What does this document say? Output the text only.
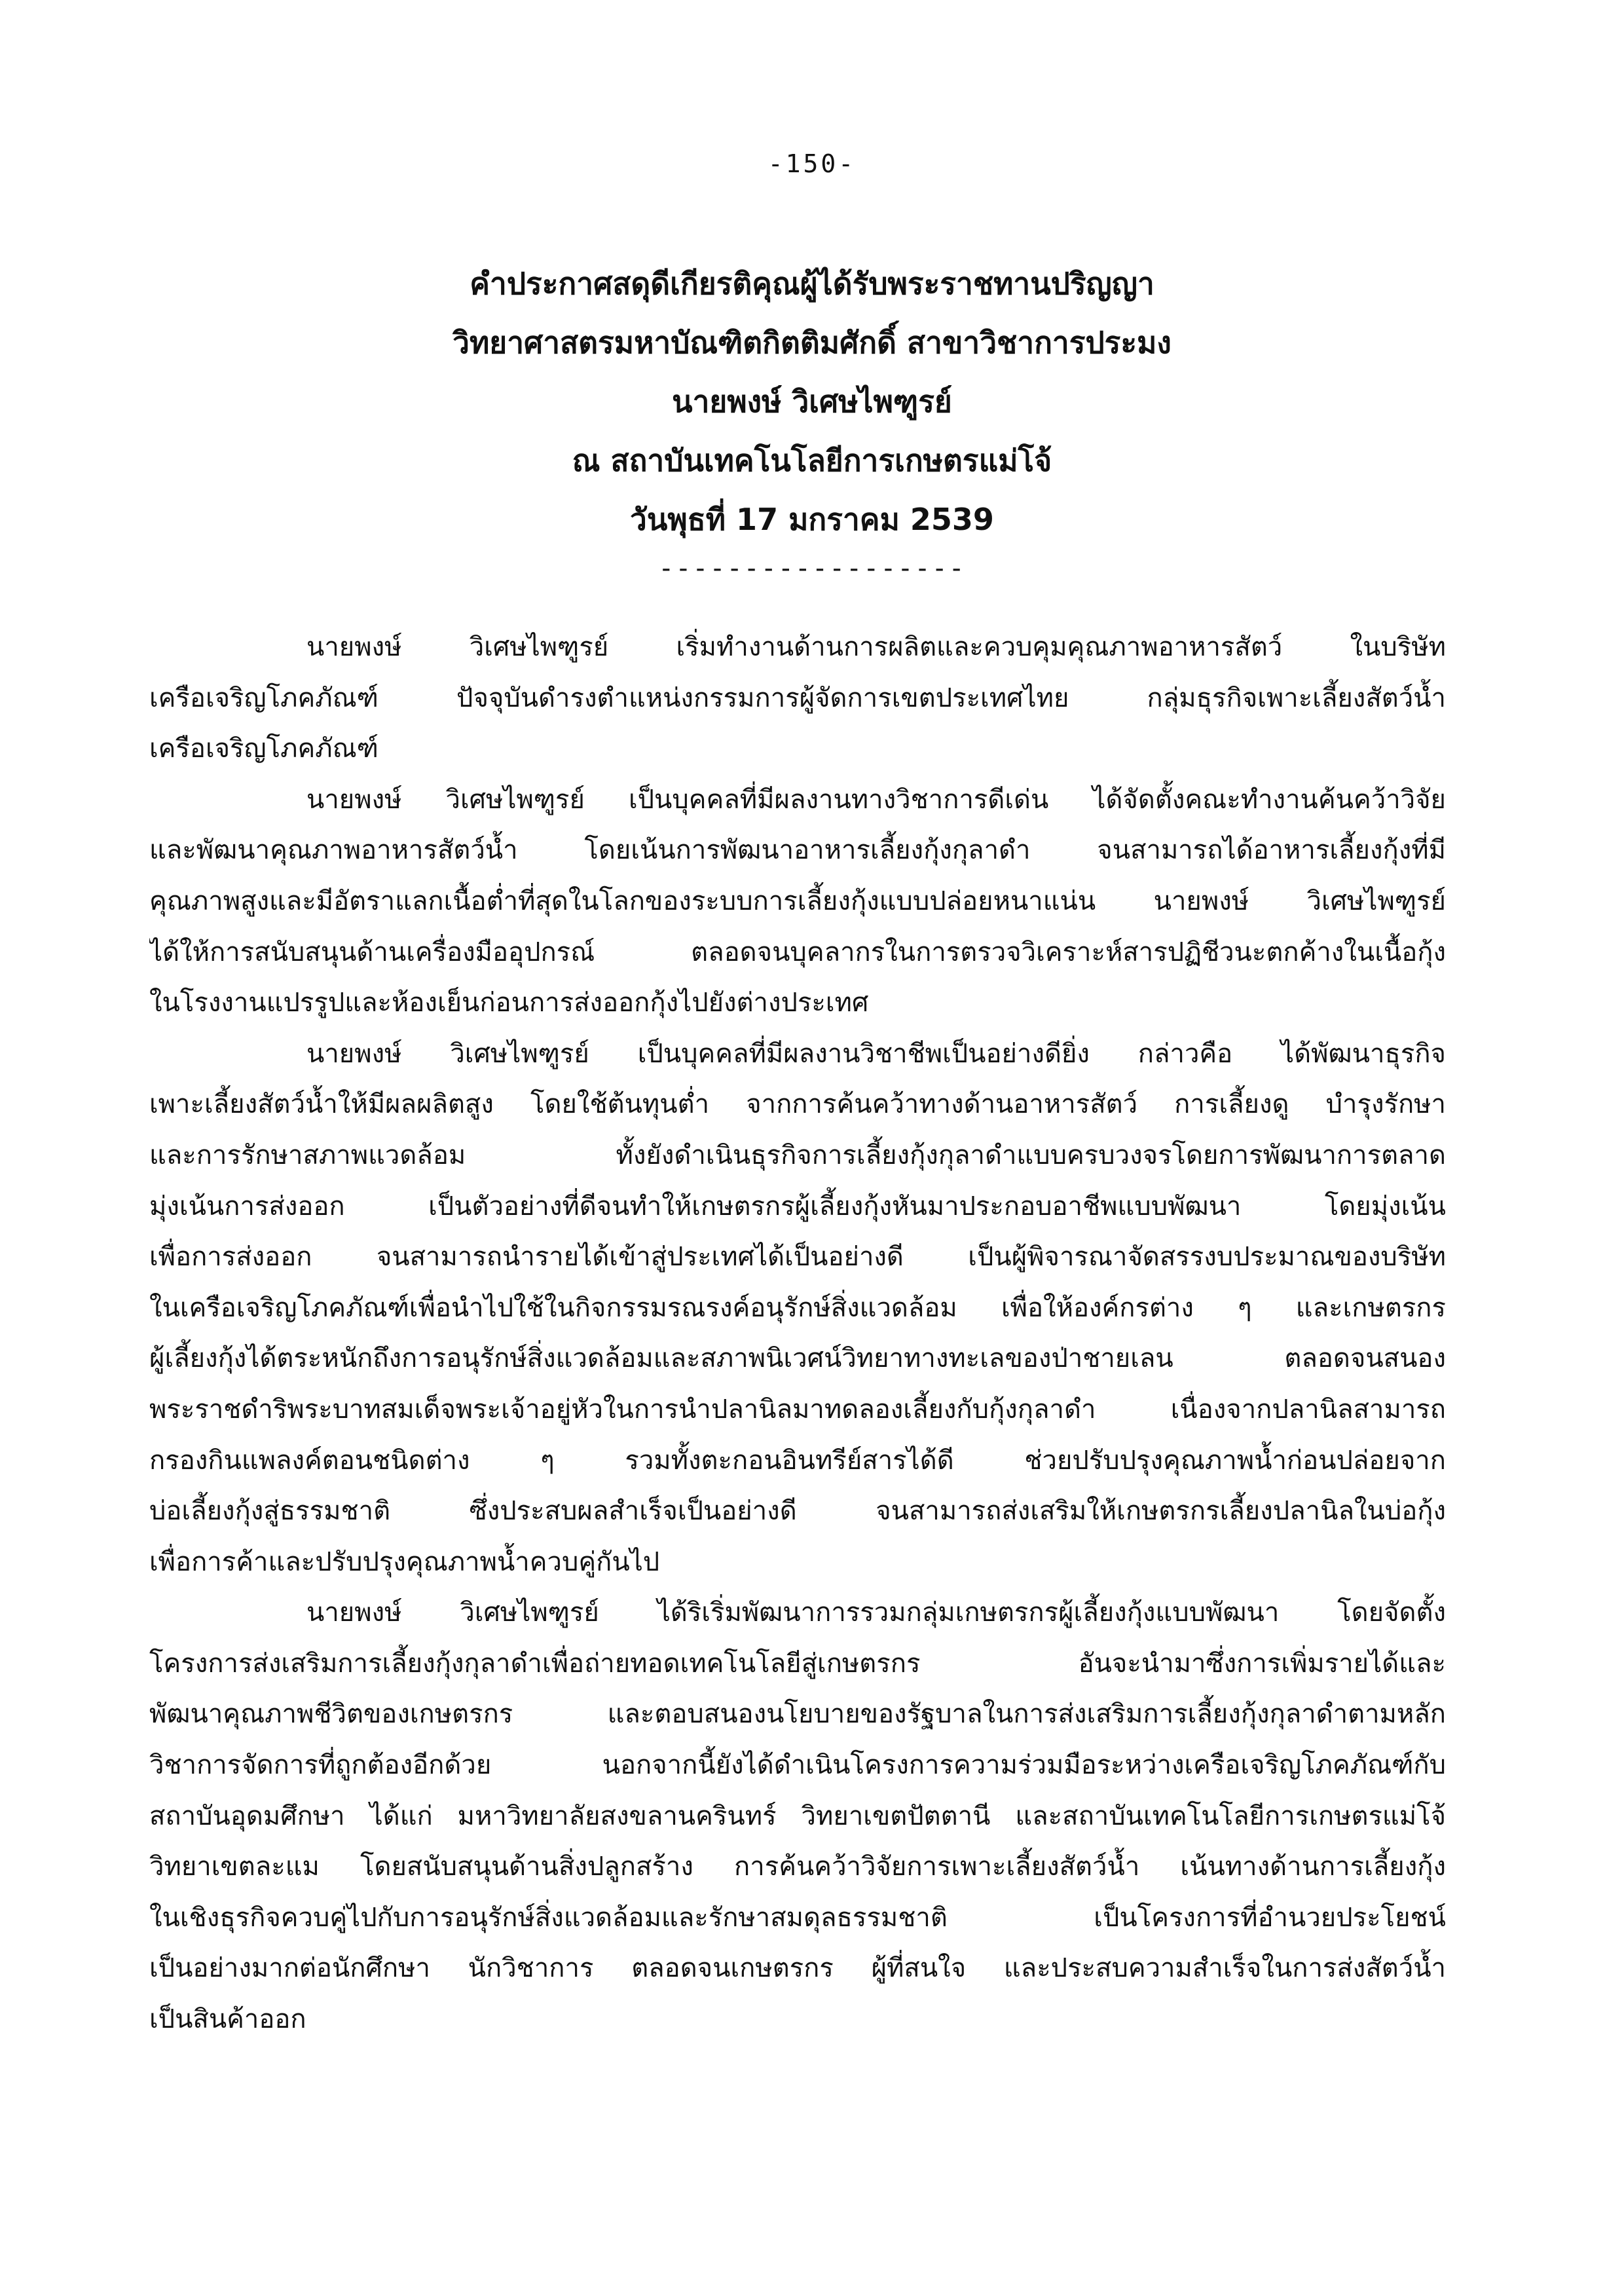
-150-
คำประกาศสดุดีเกียรติคุณผู้ได้รับพระราชทานปริญญา
วิทยาศาสตรมหาบัณฑิตกิตติมศักดิ์ สาขาวิชาการประมง
นายพงษ์ วิเศษไพฑูรย์
ณ สถาบันเทคโนโลยีการเกษตรแม่โจ้
วันพุธที่ 17 มกราคม 2539
------------------
นายพงษ์ วิเศษไพฑูรย์ เริ่มทำงานด้านการผลิตและควบคุมคุณภาพอาหารสัตว์ ในบริษัท
เครือเจริญโภคภัณฑ์ ปัจจุบันดำรงตำแหน่งกรรมการผู้จัดการเขตประเทศไทย กลุ่มธุรกิจเพาะเลี้ยงสัตว์น้ำ
เครือเจริญโภคภัณฑ์
นายพงษ์ วิเศษไพฑูรย์ เป็นบุคคลที่มีผลงานทางวิชาการดีเด่น ได้จัดตั้งคณะทำงานค้นคว้าวิจัย
และพัฒนาคุณภาพอาหารสัตว์น้ำ โดยเน้นการพัฒนาอาหารเลี้ยงกุ้งกุลาดำ จนสามารถได้อาหารเลี้ยงกุ้งที่มี
คุณภาพสูงและมีอัตราแลกเนื้อต่ำที่สุดในโลกของระบบการเลี้ยงกุ้งแบบปล่อยหนาแน่น นายพงษ์ วิเศษไพฑูรย์
ได้ให้การสนับสนุนด้านเครื่องมืออุปกรณ์ ตลอดจนบุคลากรในการตรวจวิเคราะห์สารปฏิชีวนะตกค้างในเนื้อกุ้ง
ในโรงงานแปรรูปและห้องเย็นก่อนการส่งออกกุ้งไปยังต่างประเทศ
นายพงษ์ วิเศษไพฑูรย์ เป็นบุคคลที่มีผลงานวิชาชีพเป็นอย่างดียิ่ง กล่าวคือ ได้พัฒนาธุรกิจ
เพาะเลี้ยงสัตว์น้ำให้มีผลผลิตสูง โดยใช้ต้นทุนต่ำ จากการค้นคว้าทางด้านอาหารสัตว์ การเลี้ยงดู บำรุงรักษา
และการรักษาสภาพแวดล้อม ทั้งยังดำเนินธุรกิจการเลี้ยงกุ้งกุลาดำแบบครบวงจรโดยการพัฒนาการตลาด
มุ่งเน้นการส่งออก เป็นตัวอย่างที่ดีจนทำให้เกษตรกรผู้เลี้ยงกุ้งหันมาประกอบอาชีพแบบพัฒนา โดยมุ่งเน้น
เพื่อการส่งออก จนสามารถนำรายได้เข้าสู่ประเทศได้เป็นอย่างดี เป็นผู้พิจารณาจัดสรรงบประมาณของบริษัท
ในเครือเจริญโภคภัณฑ์เพื่อนำไปใช้ในกิจกรรมรณรงค์อนุรักษ์สิ่งแวดล้อม เพื่อให้องค์กรต่าง ๆ และเกษตรกร
ผู้เลี้ยงกุ้งได้ตระหนักถึงการอนุรักษ์สิ่งแวดล้อมและสภาพนิเวศน์วิทยาทางทะเลของป่าชายเลน ตลอดจนสนอง
พระราชดำริพระบาทสมเด็จพระเจ้าอยู่หัวในการนำปลานิลมาทดลองเลี้ยงกับกุ้งกุลาดำ เนื่องจากปลานิลสามารถ
กรองกินแพลงค์ตอนชนิดต่าง ๆ รวมทั้งตะกอนอินทรีย์สารได้ดี ช่วยปรับปรุงคุณภาพน้ำก่อนปล่อยจาก
บ่อเลี้ยงกุ้งสู่ธรรมชาติ ซึ่งประสบผลสำเร็จเป็นอย่างดี จนสามารถส่งเสริมให้เกษตรกรเลี้ยงปลานิลในบ่อกุ้ง
เพื่อการค้าและปรับปรุงคุณภาพน้ำควบคู่กันไป
นายพงษ์ วิเศษไพฑูรย์ ได้ริเริ่มพัฒนาการรวมกลุ่มเกษตรกรผู้เลี้ยงกุ้งแบบพัฒนา โดยจัดตั้ง
โครงการส่งเสริมการเลี้ยงกุ้งกุลาดำเพื่อถ่ายทอดเทคโนโลยีสู่เกษตรกร อันจะนำมาซึ่งการเพิ่มรายได้และ
พัฒนาคุณภาพชีวิตของเกษตรกร และตอบสนองนโยบายของรัฐบาลในการส่งเสริมการเลี้ยงกุ้งกุลาดำตามหลัก
วิชาการจัดการที่ถูกต้องอีกด้วย นอกจากนี้ยังได้ดำเนินโครงการความร่วมมือระหว่างเครือเจริญโภคภัณฑ์กับ
สถาบันอุดมศึกษา ได้แก่ มหาวิทยาลัยสงขลานครินทร์ วิทยาเขตปัตตานี และสถาบันเทคโนโลยีการเกษตรแม่โจ้
วิทยาเขตละแม โดยสนับสนุนด้านสิ่งปลูกสร้าง การค้นคว้าวิจัยการเพาะเลี้ยงสัตว์น้ำ เน้นทางด้านการเลี้ยงกุ้ง
ในเชิงธุรกิจควบคู่ไปกับการอนุรักษ์สิ่งแวดล้อมและรักษาสมดุลธรรมชาติ เป็นโครงการที่อำนวยประโยชน์
เป็นอย่างมากต่อนักศึกษา นักวิชาการ ตลอดจนเกษตรกร ผู้ที่สนใจ และประสบความสำเร็จในการส่งสัตว์น้ำ
เป็นสินค้าออก
